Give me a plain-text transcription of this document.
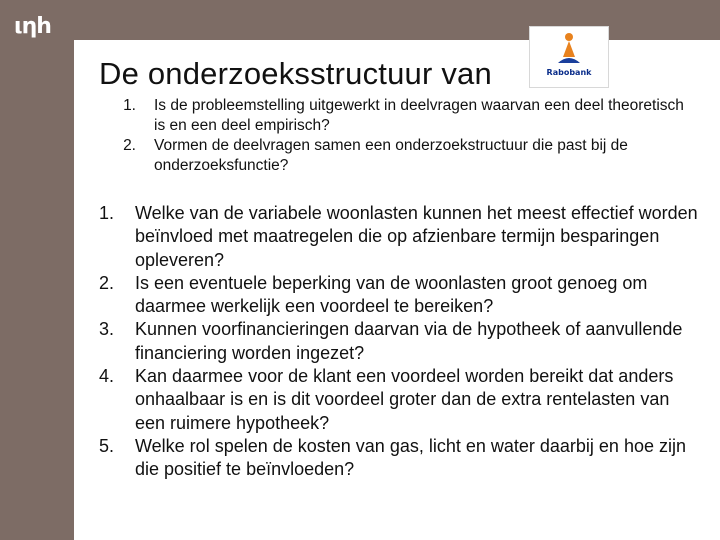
ιηh
De onderzoeksstructuur van	Rabobank
1. Is de probleemstelling uitgewerkt in deelvragen waarvan een deel theoretisch is en een deel empirisch?
2. Vormen de deelvragen samen een onderzoekstructuur die past bij de onderzoeksfunctie?
1. Welke van de variabele woonlasten kunnen het meest effectief worden beïnvloed met maatregelen die op afzienbare termijn besparingen opleveren?
2. Is een eventuele beperking van de woonlasten groot genoeg om daarmee werkelijk een voordeel te bereiken?
3. Kunnen voorfinancieringen daarvan via de hypotheek of aanvullende financiering worden ingezet?
4. Kan daarmee voor de klant een voordeel worden bereikt dat anders onhaalbaar is en is dit voordeel groter dan de extra rentelasten van een ruimere hypotheek?
5. Welke rol spelen de kosten van gas, licht en water daarbij en hoe zijn die positief te beïnvloeden?
